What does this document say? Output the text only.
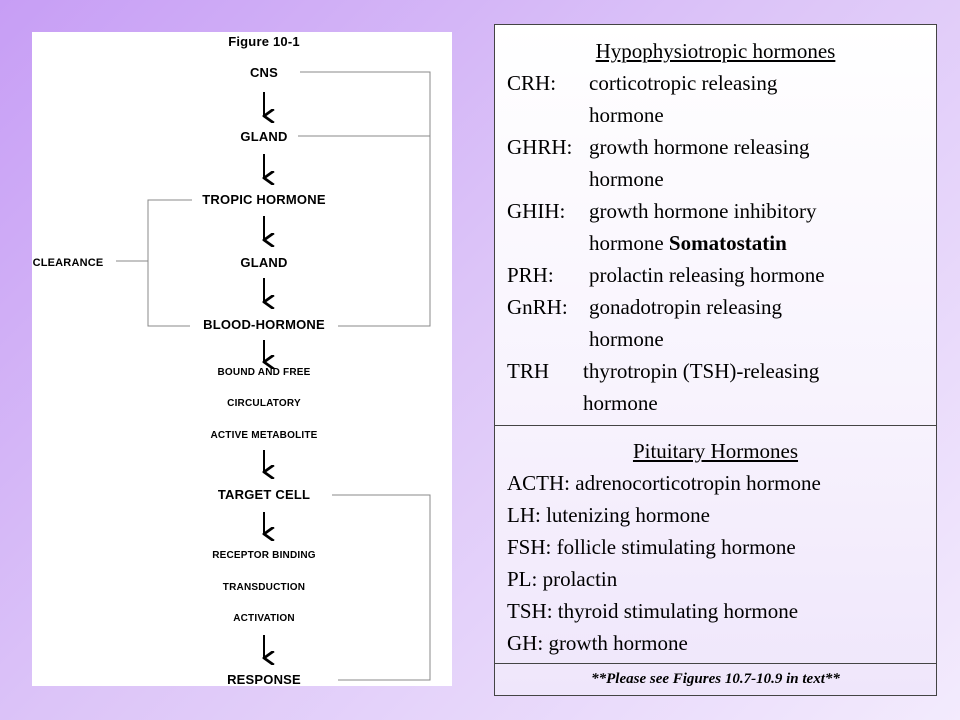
Figure 10-1
CNS
GLAND
TROPIC HORMONE
GLAND
BLOOD-HORMONE
BOUND AND FREE
CIRCULATORY
ACTIVE METABOLITE
TARGET CELL
RECEPTOR BINDING
TRANSDUCTION
ACTIVATION
RESPONSE
CLEARANCE
Hypophysiotropic hormones
CRH: corticotropic releasing
hormone
GHRH: growth hormone releasing
hormone
GHIH: growth hormone inhibitory
hormone Somatostatin
PRH: prolactin releasing hormone
GnRH: gonadotropin releasing
hormone
TRH thyrotropin (TSH)-releasing
hormone
Pituitary Hormones
ACTH: adrenocorticotropin hormone
LH: lutenizing hormone
FSH: follicle stimulating hormone
PL: prolactin
TSH: thyroid stimulating hormone
GH: growth hormone
**Please see Figures 10.7-10.9 in text**
